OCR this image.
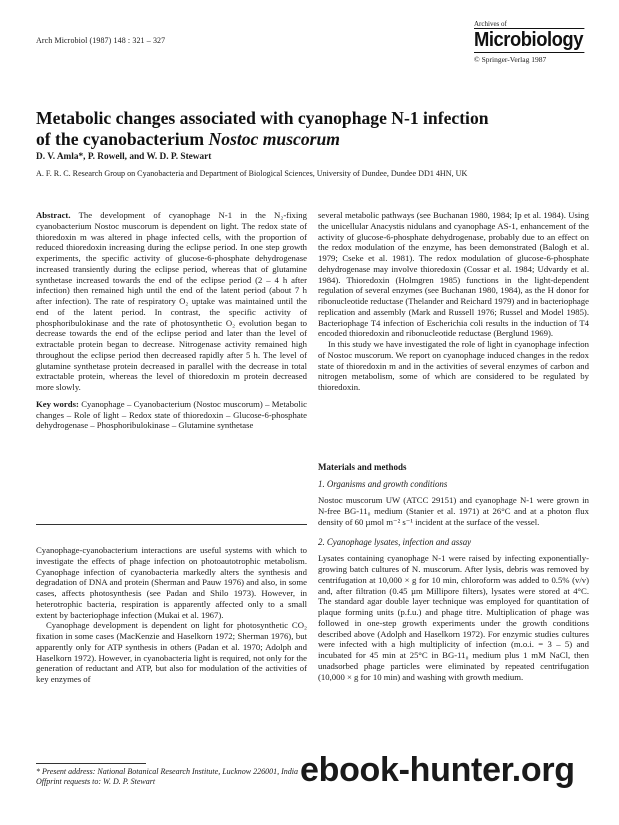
Arch Microbiol (1987) 148 : 321 – 327
Archives of
Microbiology
© Springer-Verlag 1987
Metabolic changes associated with cyanophage N-1 infection
of the cyanobacterium Nostoc muscorum
D. V. Amla*, P. Rowell, and W. D. P. Stewart
A. F. R. C. Research Group on Cyanobacteria and Department of Biological Sciences, University of Dundee, Dundee DD1 4HN, UK

Abstract. The development of cyanophage N-1 in the N₂-fixing cyanobacterium Nostoc muscorum is dependent on light. The redox state of thioredoxin m was altered in phage infected cells, with the proportion of reduced thioredoxin increasing during the eclipse period. In one step growth experiments, the specific activity of glucose-6-phosphate dehydrogenase increased transiently during the eclipse period, whereas that of glutamine synthetase increased towards the end of the eclipse period (2 – 4 h after infection) then remained high until the end of the latent period (about 7 h after infection). The rate of respiratory O₂ uptake was maintained until the end of the latent period. In contrast, the specific activity of phosphoribulokinase and the rate of photosynthetic O₂ evolution began to decrease towards the end of the eclipse period and later than the level of extractable protein began to decrease. Nitrogenase activity remained high throughout the eclipse period then decreased rapidly after 5 h. The level of glutamine synthetase protein decreased in parallel with the decrease in total extractable protein, whereas the level of thioredoxin m protein decreased more slowly.

Key words: Cyanophage – Cyanobacterium (Nostoc muscorum) – Metabolic changes – Role of light – Redox state of thioredoxin – Glucose-6-phosphate dehydrogenase – Phosphoribulokinase – Glutamine synthetase

Cyanophage-cyanobacterium interactions are useful systems with which to investigate the effects of phage infection on photoautotrophic metabolism. Cyanophage infection of cyanobacteria markedly alters the synthesis and degradation of DNA and protein (Sherman and Pauw 1976) and also, in some cases, affects photosynthesis (see Padan and Shilo 1973). However, in heterotrophic bacteria, respiration is apparently affected only to a small extent by bacteriophage infection (Mukai et al. 1967).

Cyanophage development is dependent on light for photosynthetic CO₂ fixation in some cases (MacKenzie and Haselkorn 1972; Sherman 1976), but apparently only for ATP synthesis in others (Padan et al. 1970; Adolph and Haselkorn 1972). However, in cyanobacteria light is required, not only for the generation of reductant and ATP, but also for modulation of the activities of key enzymes of

* Present address: National Botanical Research Institute, Lucknow 226001, India
Offprint requests to: W. D. P. Stewart

several metabolic pathways (see Buchanan 1980, 1984; Ip et al. 1984). Using the unicellular Anacystis nidulans and cyanophage AS-1, enhancement of the activity of glucose-6-phosphate dehydrogenase, probably due to an effect on the redox modulation of the enzyme, has been demonstrated (Balogh et al. 1979; Cseke et al. 1981). The redox modulation of glucose-6-phosphate dehydrogenase may involve thioredoxin (Cossar et al. 1984; Udvardy et al. 1984). Thioredoxin (Holmgren 1985) functions in the light-dependent regulation of several enzymes (see Buchanan 1980, 1984), as the H donor for ribonucleotide reductase (Thelander and Reichard 1979) and in bacteriophage replication and assembly (Mark and Russell 1976; Russel and Model 1985). Bacteriophage T4 infection of Escherichia coli results in the induction of T4 encoded thioredoxin and ribonucleotide reductase (Berglund 1969).

In this study we have investigated the role of light in cyanophage infection of Nostoc muscorum. We report on cyanophage induced changes in the redox state of thioredoxin m and in the activities of several enzymes of carbon and nitrogen metabolism, some of which are considered to be regulated by thioredoxin.

Materials and methods
1. Organisms and growth conditions
Nostoc muscorum UW (ATCC 29151) and cyanophage N-1 were grown in N-free BG-11₀ medium (Stanier et al. 1971) at 26°C and at a photon flux density of 60 µmol m⁻² s⁻¹ incident at the surface of the vessel.
2. Cyanophage lysates, infection and assay
Lysates containing cyanophage N-1 were raised by infecting exponentially-growing batch cultures of N. muscorum. After lysis, debris was removed by centrifugation at 10,000 × g for 10 min, chloroform was added to 0.5% (v/v) and, after filtration (0.45 µm Millipore filters), lysates were stored at 4°C. The standard agar double layer technique was employed for quantitation of plaque forming units (p.f.u.) and phage titre. Multiplication of phage was followed in one-step growth experiments under the growth conditions described above (Adolph and Haselkorn 1972). For enzymic studies cultures were infected with a high multiplicity of infection (m.o.i. = 3 – 5) and incubated for 45 min at 25°C in BG-11₀ medium plus 1 mM NaCl, then unadsorbed phage particles were eliminated by repeated centrifugation (10,000 × g for 10 min) and washing with growth medium.
ebook-hunter.org
